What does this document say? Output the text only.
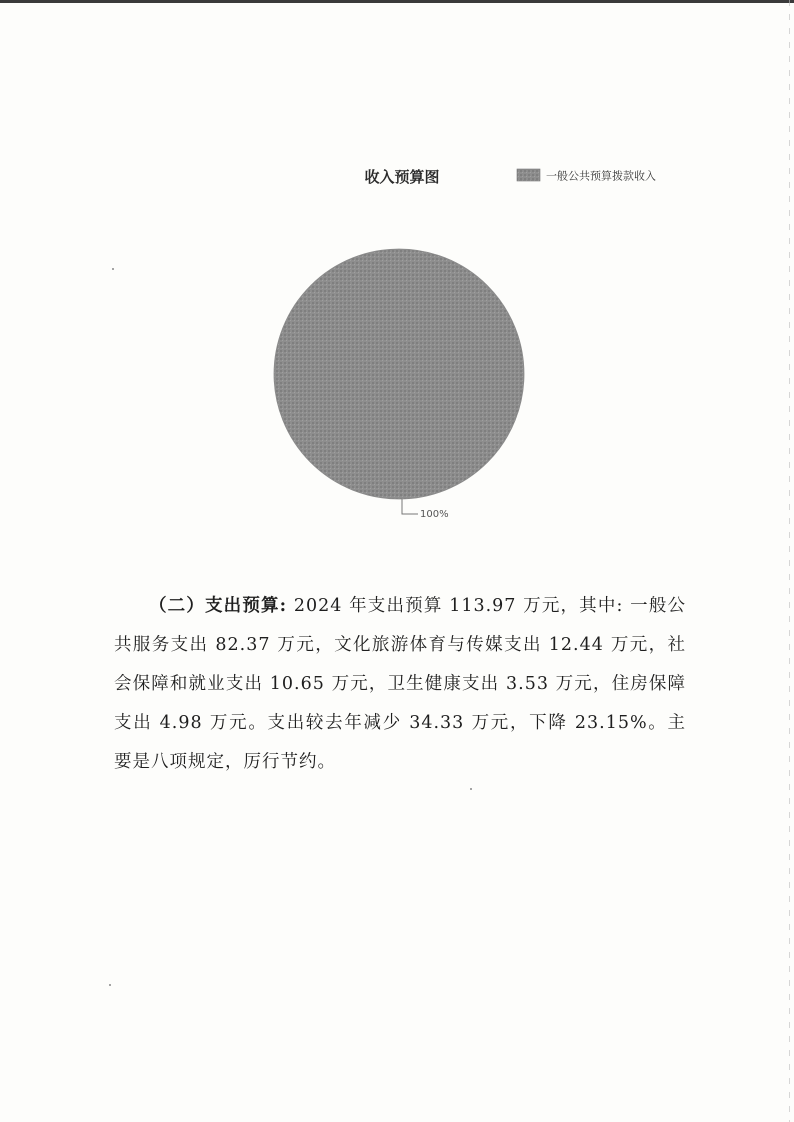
收入预算图	一般公共预算拨款收入
100%
（二）支出预算: 2024 年支出预算 113.97 万元，其中: 一般公共服务支出 82.37 万元，文化旅游体育与传媒支出 12.44 万元，社会保障和就业支出 10.65 万元，卫生健康支出 3.53 万元，住房保障支出 4.98 万元。支出较去年减少 34.33 万元，下降 23.15%。主要是八项规定，厉行节约。
